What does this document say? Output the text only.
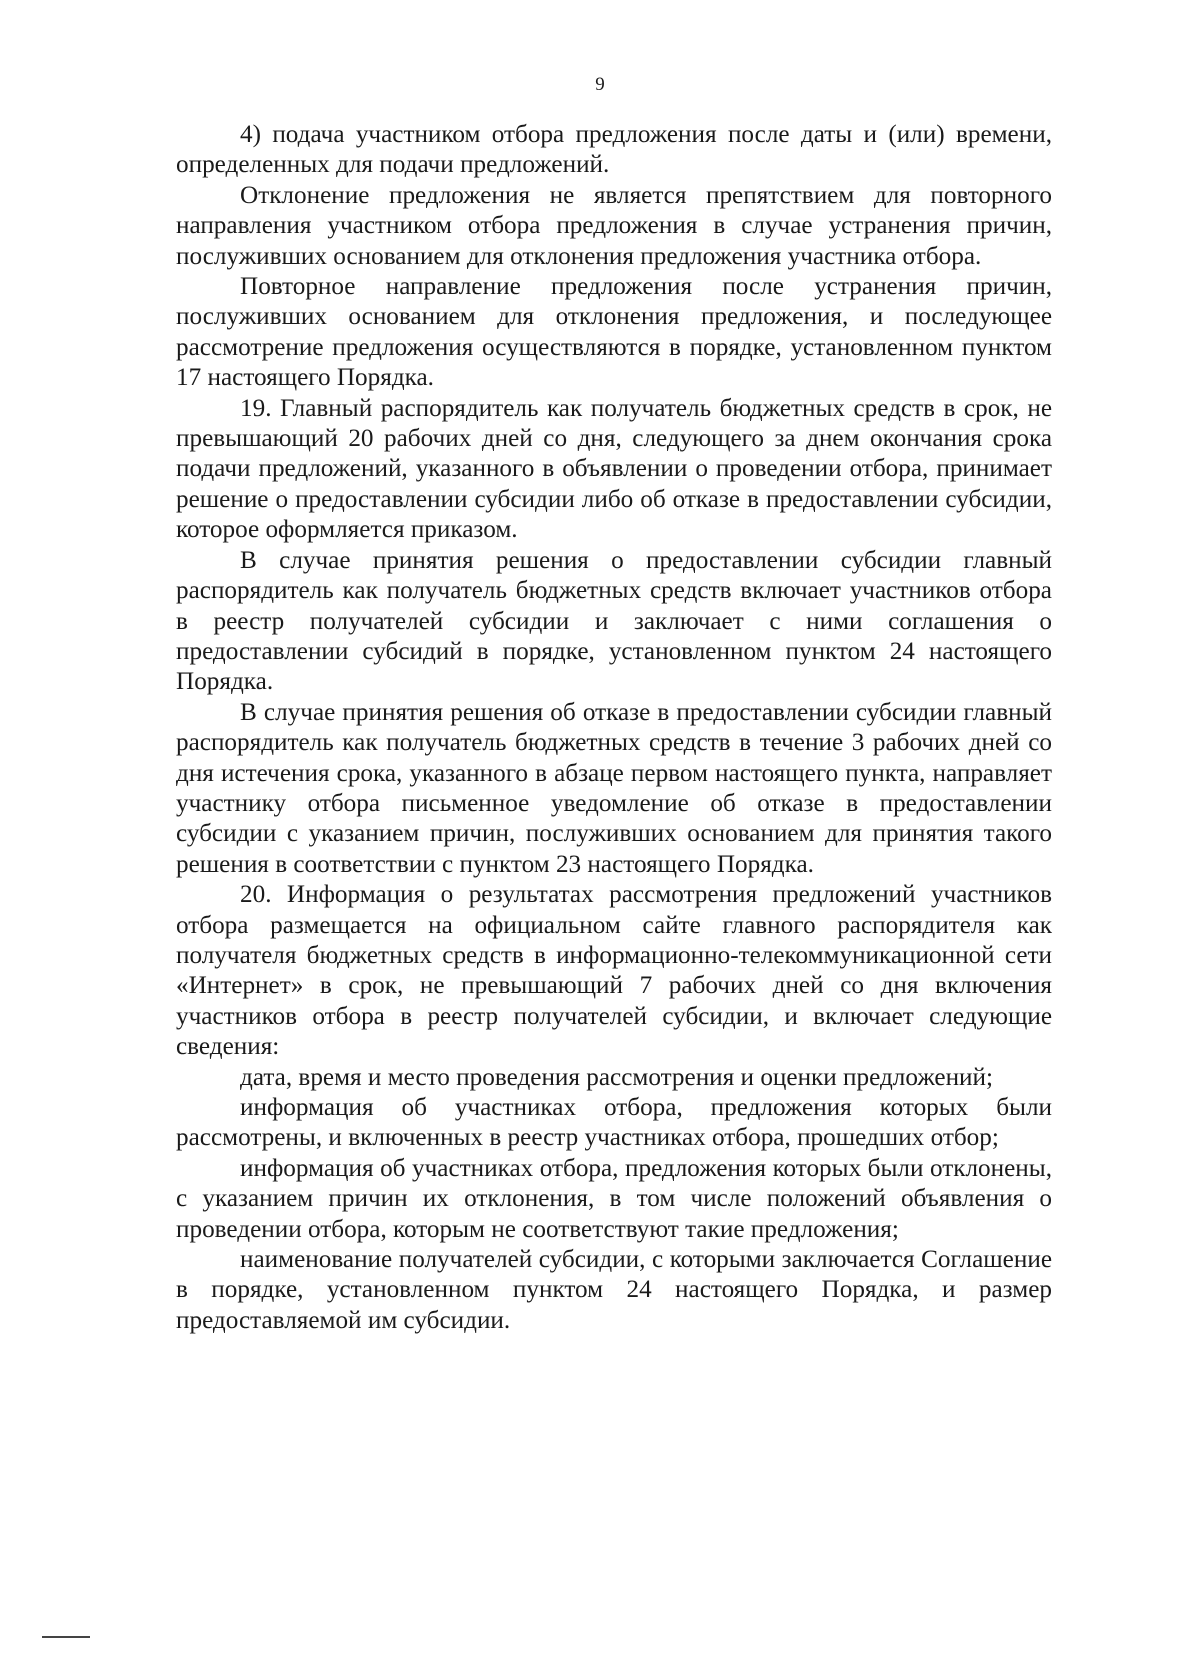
9

4) подача участником отбора предложения после даты и (или) времени, определенных для подачи предложений.

Отклонение предложения не является препятствием для повторного направления участником отбора предложения в случае устранения причин, послуживших основанием для отклонения предложения участника отбора.

Повторное направление предложения после устранения причин, послуживших основанием для отклонения предложения, и последующее рассмотрение предложения осуществляются в порядке, установленном пунктом 17 настоящего Порядка.

19. Главный распорядитель как получатель бюджетных средств в срок, не превышающий 20 рабочих дней со дня, следующего за днем окончания срока подачи предложений, указанного в объявлении о проведении отбора, принимает решение о предоставлении субсидии либо об отказе в предоставлении субсидии, которое оформляется приказом.

В случае принятия решения о предоставлении субсидии главный распорядитель как получатель бюджетных средств включает участников отбора в реестр получателей субсидии и заключает с ними соглашения о предоставлении субсидий в порядке, установленном пунктом 24 настоящего Порядка.

В случае принятия решения об отказе в предоставлении субсидии главный распорядитель как получатель бюджетных средств в течение 3 рабочих дней со дня истечения срока, указанного в абзаце первом настоящего пункта, направляет участнику отбора письменное уведомление об отказе в предоставлении субсидии с указанием причин, послуживших основанием для принятия такого решения в соответствии с пунктом 23 настоящего Порядка.

20. Информация о результатах рассмотрения предложений участников отбора размещается на официальном сайте главного распорядителя как получателя бюджетных средств в информационно-телекоммуникационной сети «Интернет» в срок, не превышающий 7 рабочих дней со дня включения участников отбора в реестр получателей субсидии, и включает следующие сведения:

дата, время и место проведения рассмотрения и оценки предложений;

информация об участниках отбора, предложения которых были рассмотрены, и включенных в реестр участниках отбора, прошедших отбор;

информация об участниках отбора, предложения которых были отклонены, с указанием причин их отклонения, в том числе положений объявления о проведении отбора, которым не соответствуют такие предложения;

наименование получателей субсидии, с которыми заключается Соглашение в порядке, установленном пунктом 24 настоящего Порядка, и размер предоставляемой им субсидии.
